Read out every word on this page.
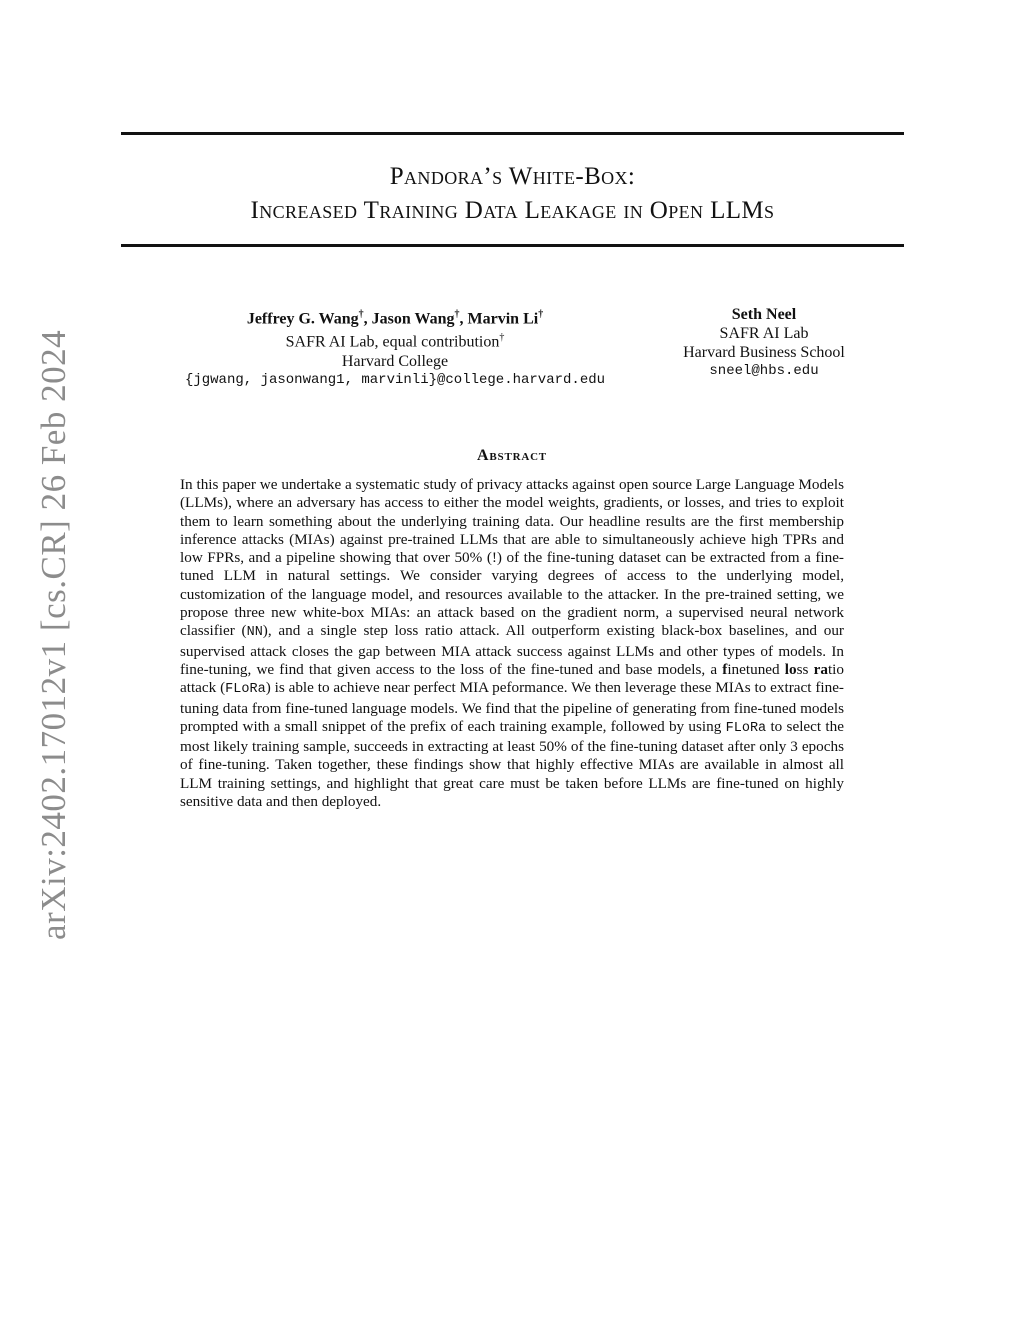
arXiv:2402.17012v1 [cs.CR] 26 Feb 2024
Pandora’s White-Box:
Increased Training Data Leakage in Open LLMs
Jeffrey G. Wang†, Jason Wang†, Marvin Li†
SAFR AI Lab, equal contribution†
Harvard College
{jgwang, jasonwang1, marvinli}@college.harvard.edu
Seth Neel
SAFR AI Lab
Harvard Business School
sneel@hbs.edu
Abstract

In this paper we undertake a systematic study of privacy attacks against open source Large Language Models (LLMs), where an adversary has access to either the model weights, gradients, or losses, and tries to exploit them to learn something about the underlying training data. Our headline results are the first membership inference attacks (MIAs) against pre-trained LLMs that are able to simultaneously achieve high TPRs and low FPRs, and a pipeline showing that over 50% (!) of the fine-tuning dataset can be extracted from a fine-tuned LLM in natural settings. We consider varying degrees of access to the underlying model, customization of the language model, and resources available to the attacker. In the pre-trained setting, we propose three new white-box MIAs: an attack based on the gradient norm, a supervised neural network classifier (NN), and a single step loss ratio attack. All outperform existing black-box baselines, and our supervised attack closes the gap between MIA attack success against LLMs and other types of models. In fine-tuning, we find that given access to the loss of the fine-tuned and base models, a finetuned loss ratio attack (FLoRa) is able to achieve near perfect MIA peformance. We then leverage these MIAs to extract fine-tuning data from fine-tuned language models. We find that the pipeline of generating from fine-tuned models prompted with a small snippet of the prefix of each training example, followed by using FLoRa to select the most likely training sample, succeeds in extracting at least 50% of the fine-tuning dataset after only 3 epochs of fine-tuning. Taken together, these findings show that highly effective MIAs are available in almost all LLM training settings, and highlight that great care must be taken before LLMs are fine-tuned on highly sensitive data and then deployed.
